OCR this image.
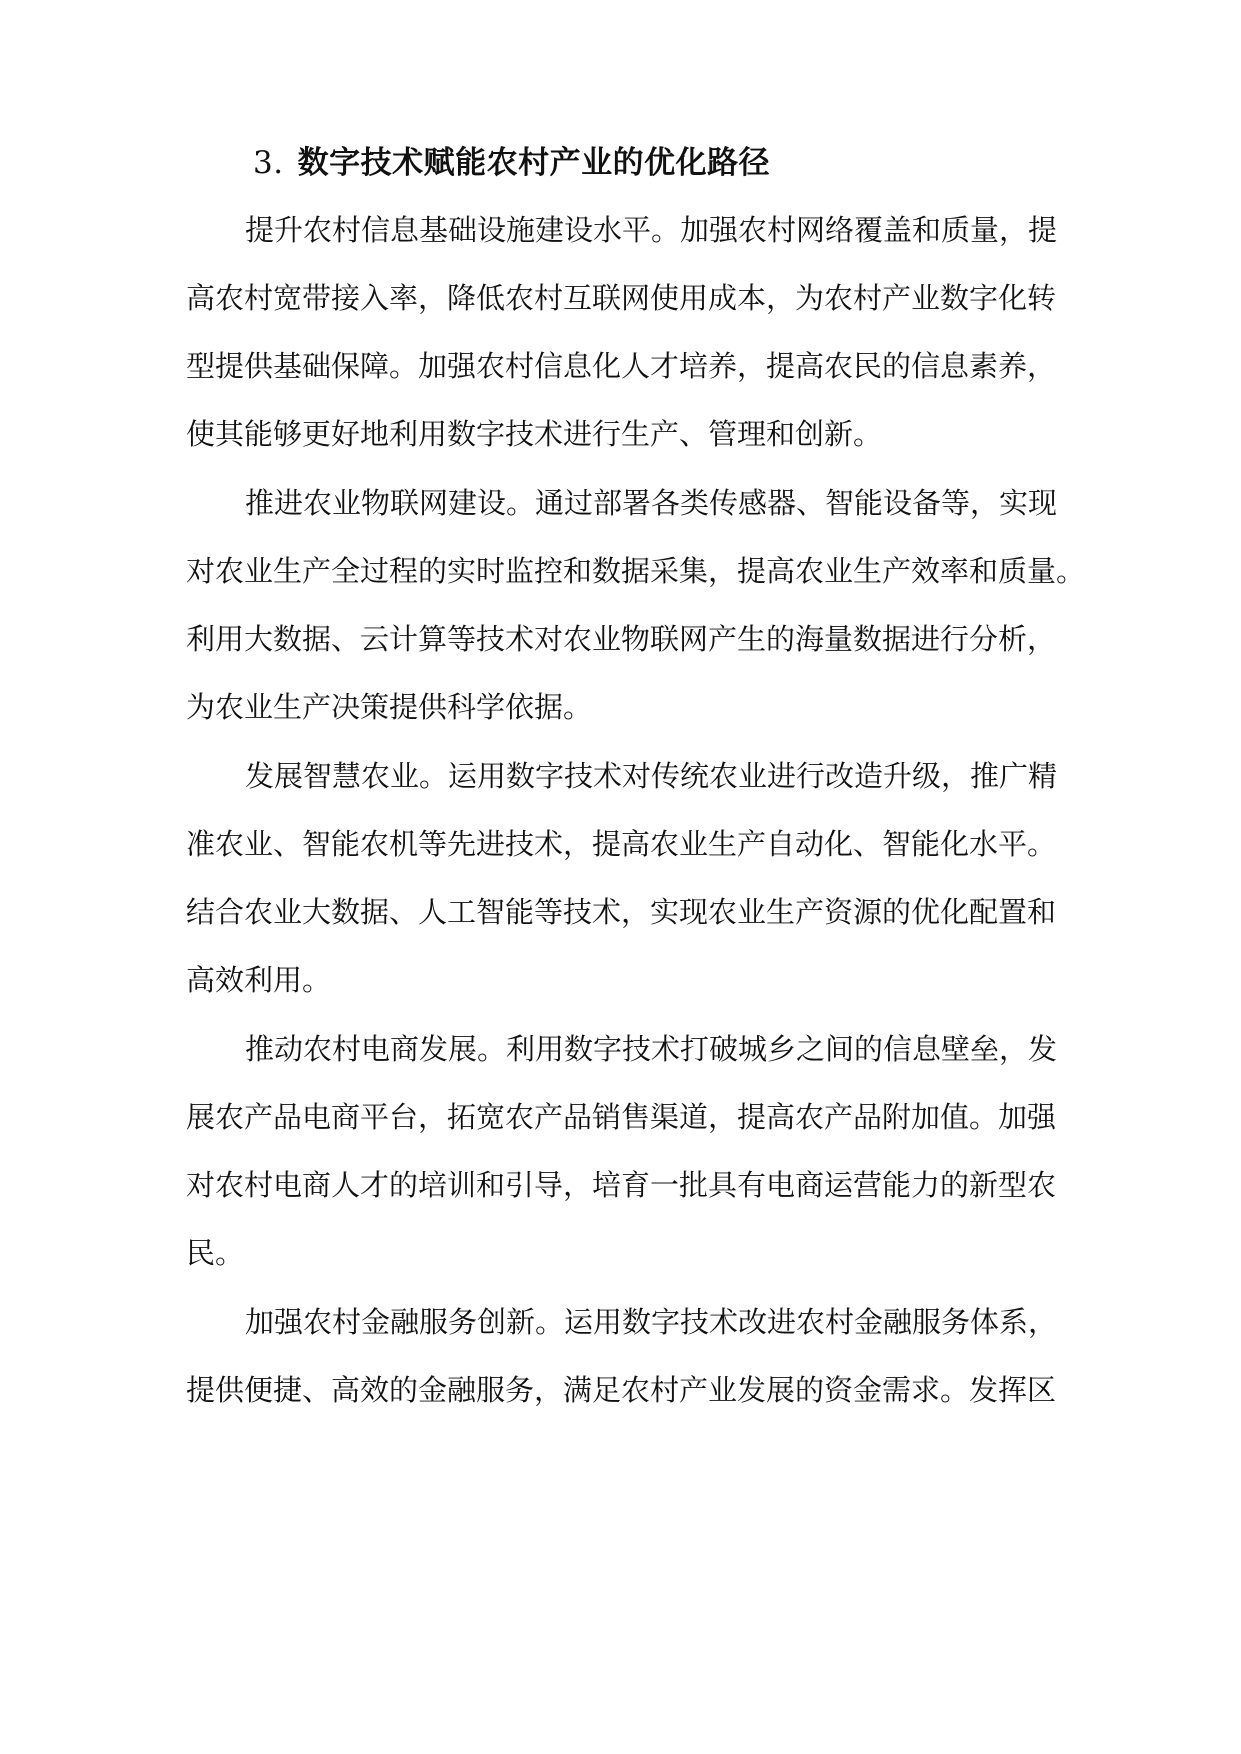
3. 数字技术赋能农村产业的优化路径
提升农村信息基础设施建设水平。加强农村网络覆盖和质量，提
高农村宽带接入率，降低农村互联网使用成本，为农村产业数字化转
型提供基础保障。加强农村信息化人才培养，提高农民的信息素养，
使其能够更好地利用数字技术进行生产、管理和创新。
推进农业物联网建设。通过部署各类传感器、智能设备等，实现
对农业生产全过程的实时监控和数据采集，提高农业生产效率和质量。
利用大数据、云计算等技术对农业物联网产生的海量数据进行分析，
为农业生产决策提供科学依据。
发展智慧农业。运用数字技术对传统农业进行改造升级，推广精
准农业、智能农机等先进技术，提高农业生产自动化、智能化水平。
结合农业大数据、人工智能等技术，实现农业生产资源的优化配置和
高效利用。
推动农村电商发展。利用数字技术打破城乡之间的信息壁垒，发
展农产品电商平台，拓宽农产品销售渠道，提高农产品附加值。加强
对农村电商人才的培训和引导，培育一批具有电商运营能力的新型农
民。
加强农村金融服务创新。运用数字技术改进农村金融服务体系，
提供便捷、高效的金融服务，满足农村产业发展的资金需求。发挥区
